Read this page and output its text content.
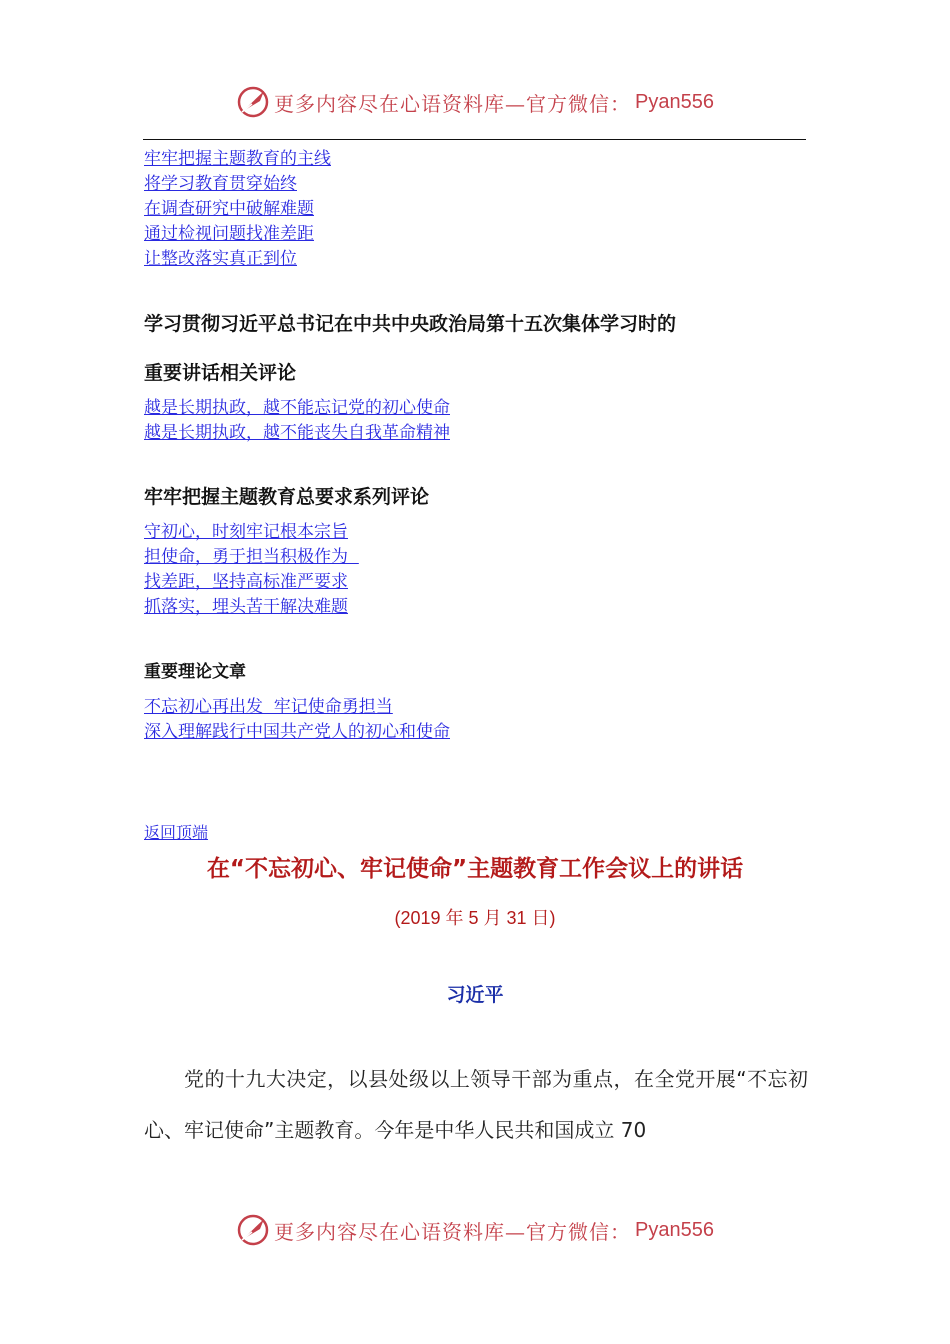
更多内容尽在心语资料库—官方微信： Pyan556
牢牢把握主题教育的主线
将学习教育贯穿始终
在调查研究中破解难题
通过检视问题找准差距
让整改落实真正到位
学习贯彻习近平总书记在中共中央政治局第十五次集体学习时的
重要讲话相关评论
越是长期执政，越不能忘记党的初心使命
越是长期执政，越不能丧失自我革命精神
牢牢把握主题教育总要求系列评论
守初心，时刻牢记根本宗旨
担使命，勇于担当积极作为
找差距，坚持高标准严要求
抓落实，埋头苦干解决难题
重要理论文章
不忘初心再出发  牢记使命勇担当
深入理解践行中国共产党人的初心和使命
返回顶端
在“不忘初心、牢记使命”主题教育工作会议上的讲话
(2019 年 5 月 31 日)
习近平

党的十九大决定，以县处级以上领导干部为重点，在全党开展“不忘初心、牢记使命”主题教育。今年是中华人民共和国成立 70

更多内容尽在心语资料库—官方微信： Pyan556
